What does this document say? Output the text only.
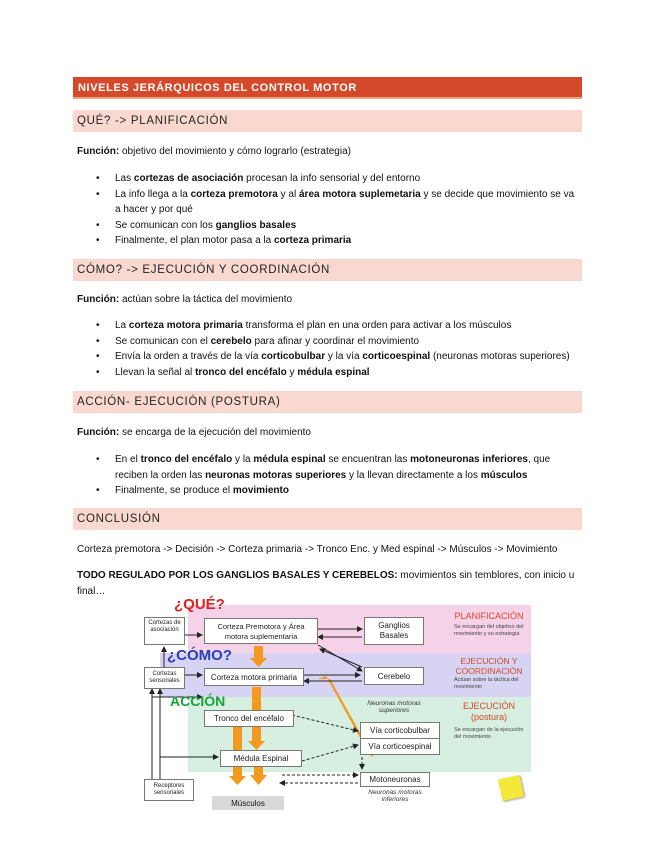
NIVELES JERÁRQUICOS DEL CONTROL MOTOR
QUÉ? -> PLANIFICACIÓN
Función: objetivo del movimiento y cómo lograrlo (estrategia)
• Las cortezas de asociación procesan la info sensorial y del entorno
• La info llega a la corteza premotora y al área motora suplemetaria y se decide que movimiento se va a hacer y por qué
• Se comunican con los ganglios basales
• Finalmente, el plan motor pasa a la corteza primaria
CÓMO? -> EJECUCIÓN Y COORDINACIÓN
Función: actúan sobre la táctica del movimiento
• La corteza motora primaria transforma el plan en una orden para activar a los músculos
• Se comunican con el cerebelo para afinar y coordinar el movimiento
• Envía la orden a través de la vía corticobulbar y la vía corticoespinal (neuronas motoras superiores)
• Llevan la señal al tronco del encéfalo y médula espinal
ACCIÓN- EJECUCIÓN (POSTURA)
Función: se encarga de la ejecución del movimiento
• En el tronco del encéfalo y la médula espinal se encuentran las motoneuronas inferiores, que reciben la orden las neuronas motoras superiores y la llevan directamente a los músculos
• Finalmente, se produce el movimiento
CONCLUSIÓN
Corteza premotora -> Decisión -> Corteza primaria -> Tronco Enc. y Med espinal -> Músculos -> Movimiento
TODO REGULADO POR LOS GANGLIOS BASALES Y CEREBELOS: movimientos sin temblores, con inicio u final…
¿QUÉ?
¿CÓMO?
ACCIÓN
Cortezas de asociación	Corteza Premotora y Área motora suplementaria
Ganglios Basales
Cortezas sensoriales	Corteza motora primaria	Cerebelo
Neuronas motoras superiores
Tronco del encéfalo
Vía corticobulbar
Vía corticoespinal
Médula Espinal
Motoneuronas
Neuronas motoras inferiores
Receptores sensoriales
Músculos
PLANIFICACIÓN
Se encargan del objetivo del movimiento y su estrategia
EJECUCIÓN Y COORDINACIÓN
Actúan sobre la táctica del movimiento
EJECUCIÓN (postura)
Se encargan de la ejecución del movimiento
